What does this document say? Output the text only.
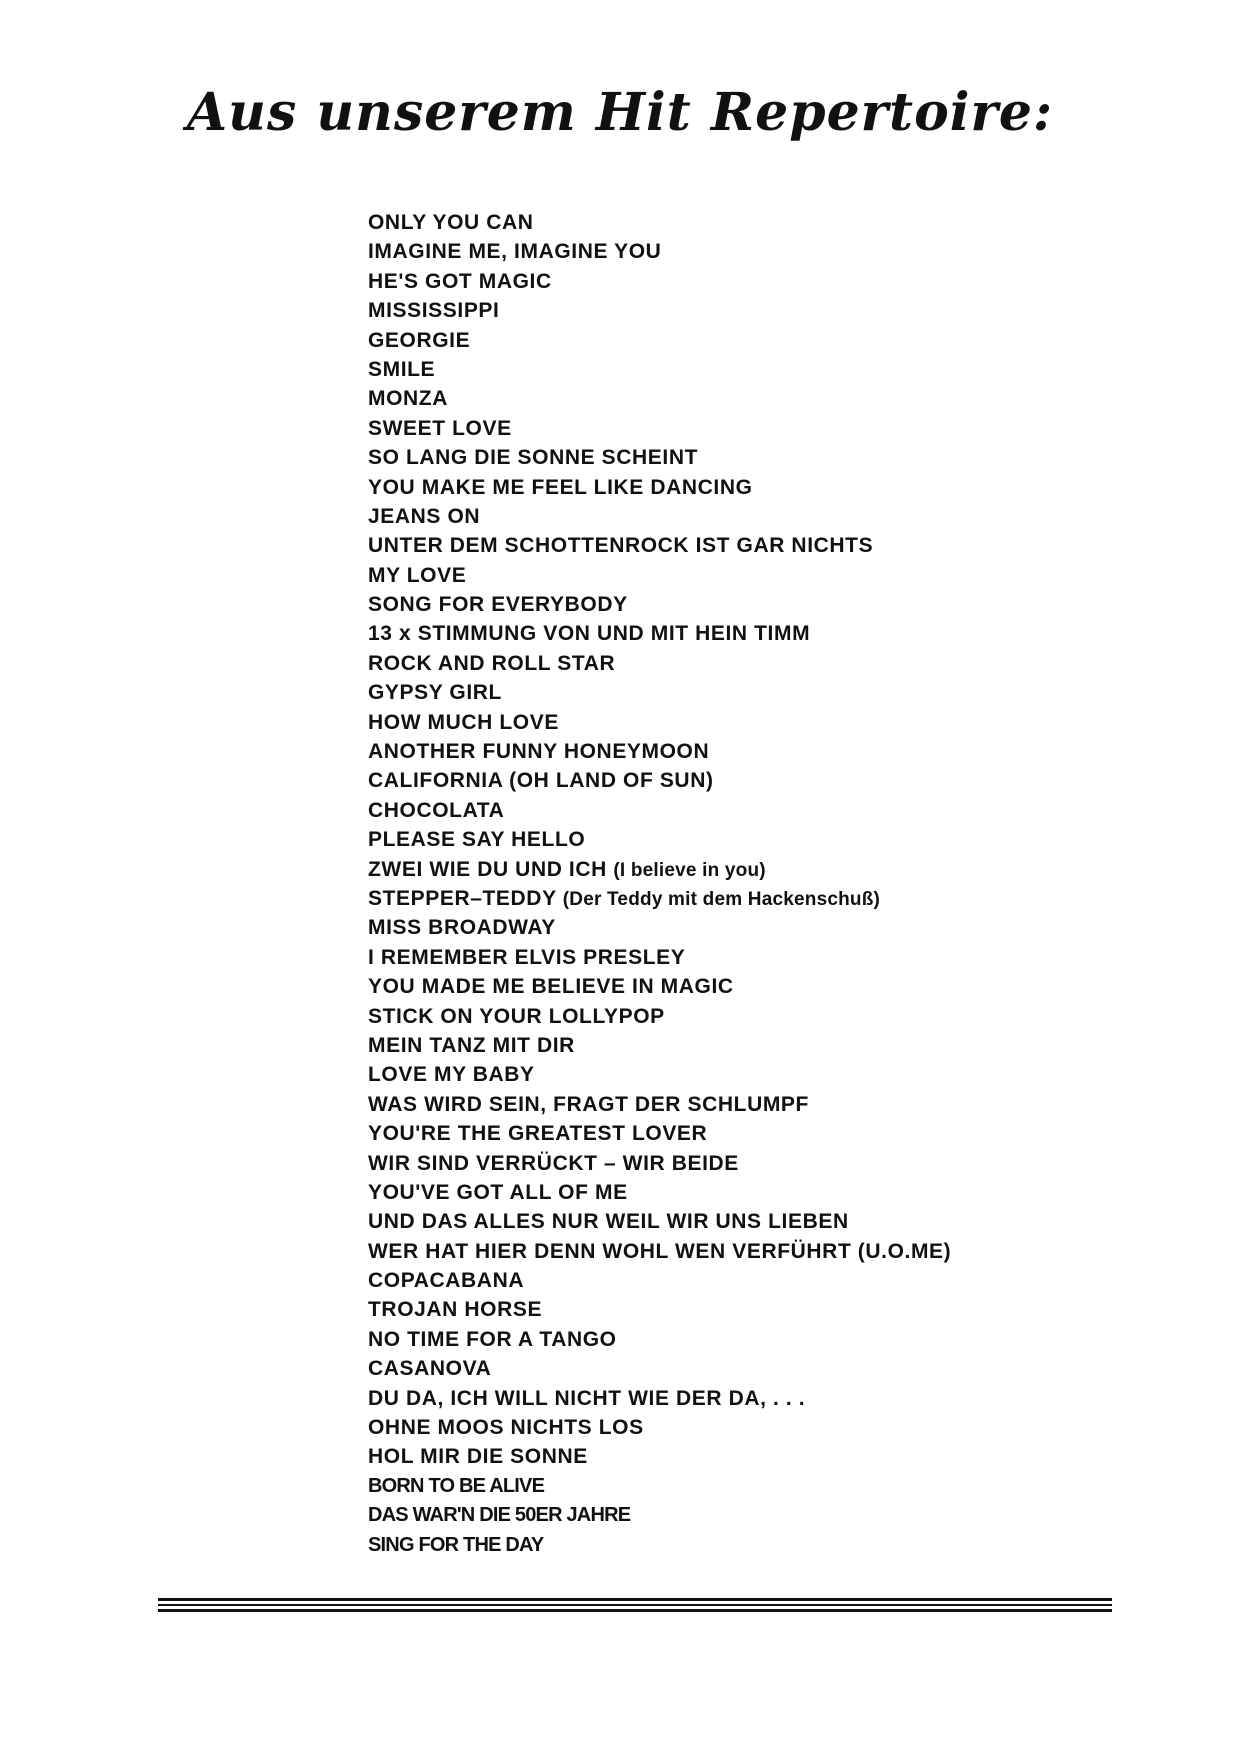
Aus unserem Hit Repertoire:
ONLY YOU CAN
IMAGINE ME, IMAGINE YOU
HE'S GOT MAGIC
MISSISSIPPI
GEORGIE
SMILE
MONZA
SWEET LOVE
SO LANG DIE SONNE SCHEINT
YOU MAKE ME FEEL LIKE DANCING
JEANS ON
UNTER DEM SCHOTTENROCK IST GAR NICHTS
MY LOVE
SONG FOR EVERYBODY
13 x STIMMUNG VON UND MIT HEIN TIMM
ROCK AND ROLL STAR
GYPSY GIRL
HOW MUCH LOVE
ANOTHER FUNNY HONEYMOON
CALIFORNIA (OH LAND OF SUN)
CHOCOLATA
PLEASE SAY HELLO
ZWEI WIE DU UND ICH (I believe in you)
STEPPER–TEDDY (Der Teddy mit dem Hackenschuß)
MISS BROADWAY
I REMEMBER ELVIS PRESLEY
YOU MADE ME BELIEVE IN MAGIC
STICK ON YOUR LOLLYPOP
MEIN TANZ MIT DIR
LOVE MY BABY
WAS WIRD SEIN, FRAGT DER SCHLUMPF
YOU'RE THE GREATEST LOVER
WIR SIND VERRÜCKT – WIR BEIDE
YOU'VE GOT ALL OF ME
UND DAS ALLES NUR WEIL WIR UNS LIEBEN
WER HAT HIER DENN WOHL WEN VERFÜHRT (U.O.ME)
COPACABANA
TROJAN HORSE
NO TIME FOR A TANGO
CASANOVA
DU DA, ICH WILL NICHT WIE DER DA, . . .
OHNE MOOS NICHTS LOS
HOL MIR DIE SONNE
BORN TO BE ALIVE
DAS WAR'N DIE 50ER JAHRE
SING FOR THE DAY
